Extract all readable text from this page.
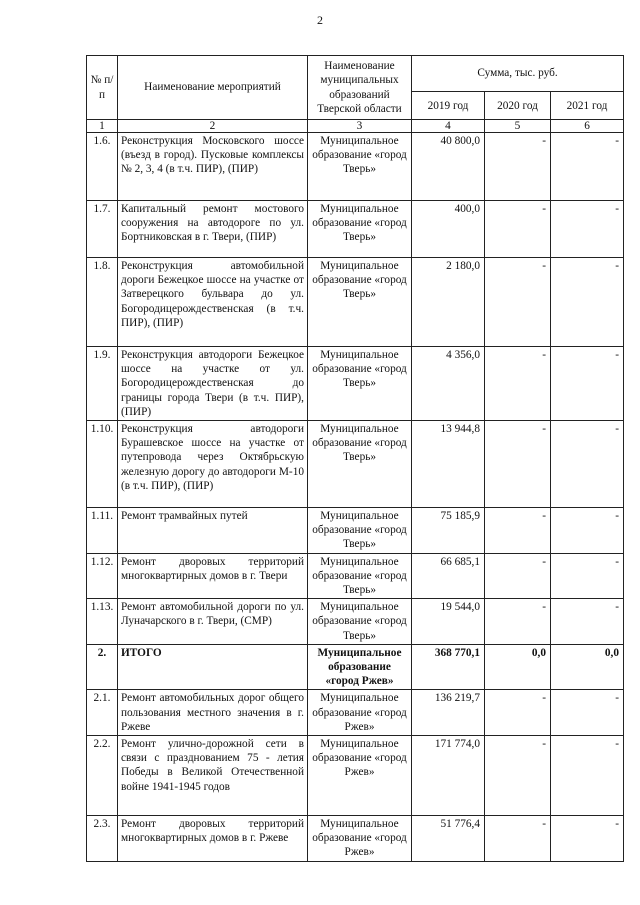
2
№ п/п	Наименование мероприятий	Наименование муниципальных образований Тверской области	Сумма, тыс. руб.		
			2019 год	2020 год	2021 год
1	2	3	4	5	6
1.6.	Реконструкция Московского шоссе (въезд в город). Пусковые комплексы № 2, 3, 4 (в т.ч. ПИР), (ПИР)	Муниципальное образование «город Тверь»	40 800,0	-	-
1.7.	Капитальный ремонт мостового сооружения на автодороге по ул. Бортниковская в г. Твери, (ПИР)	Муниципальное образование «город Тверь»	400,0	-	-
1.8.	Реконструкция автомобильной дороги Бежецкое шоссе на участке от Затверецкого бульвара до ул. Богородицерождественская (в т.ч. ПИР), (ПИР)	Муниципальное образование «город Тверь»	2 180,0	-	-
1.9.	Реконструкция автодороги Бежецкое шоссе на участке от ул. Богородицерождественская до границы города Твери (в т.ч. ПИР), (ПИР)	Муниципальное образование «город Тверь»	4 356,0	-	-
1.10.	Реконструкция автодороги Бурашевское шоссе на участке от путепровода через Октябрьскую железную дорогу до автодороги М-10 (в т.ч. ПИР), (ПИР)	Муниципальное образование «город Тверь»	13 944,8	-	-
1.11.	Ремонт трамвайных путей	Муниципальное образование «город Тверь»	75 185,9	-	-
1.12.	Ремонт дворовых территорий многоквартирных домов в г. Твери	Муниципальное образование «город Тверь»	66 685,1	-	-
1.13.	Ремонт автомобильной дороги по ул. Луначарского в г. Твери, (СМР)	Муниципальное образование «город Тверь»	19 544,0	-	-
2.	ИТОГО	Муниципальное образование «город Ржев»	368 770,1	0,0	0,0
2.1.	Ремонт автомобильных дорог общего пользования местного значения в г. Ржеве	Муниципальное образование «город Ржев»	136 219,7	-	-
2.2.	Ремонт улично-дорожной сети в связи с празднованием 75 - летия Победы в Великой Отечественной войне 1941-1945 годов	Муниципальное образование «город Ржев»	171 774,0	-	-
2.3.	Ремонт дворовых территорий многоквартирных домов в г. Ржеве	Муниципальное образование «город Ржев»	51 776,4	-	-
